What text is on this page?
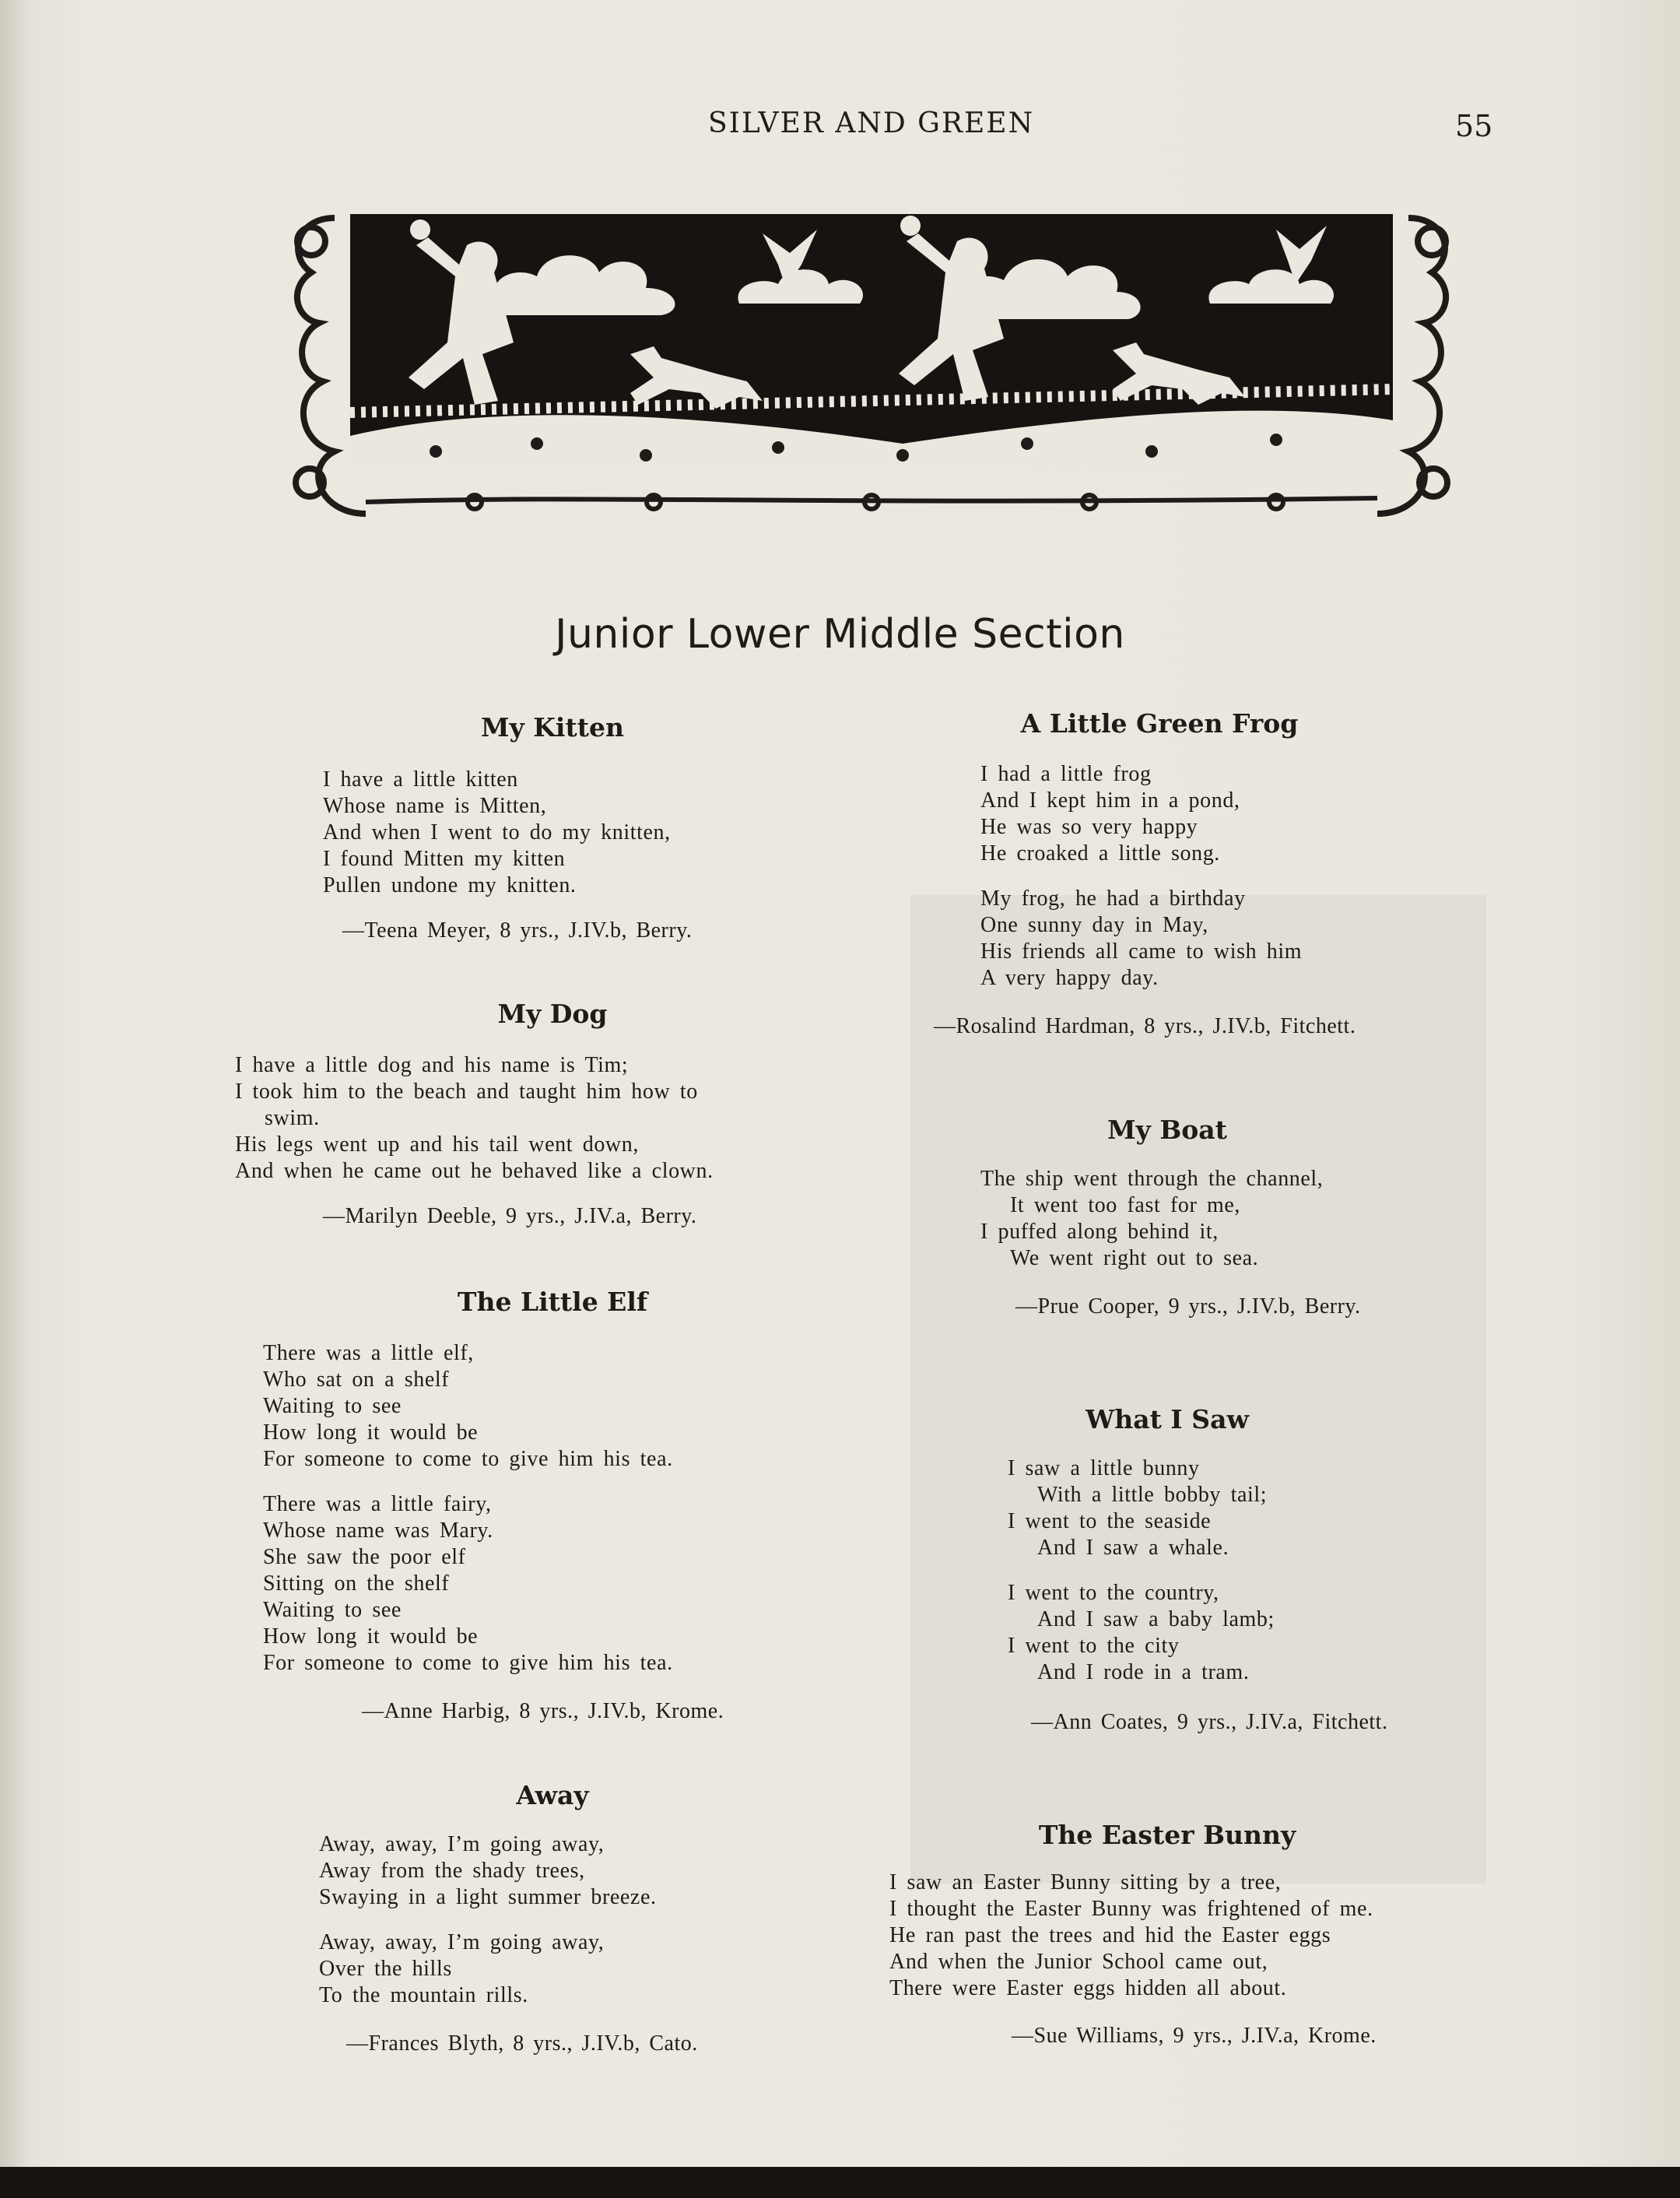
SILVER AND GREEN	55
Junior Lower Middle Section
My Kitten
I have a little kitten
Whose name is Mitten,
And when I went to do my knitten,
I found Mitten my kitten
Pullen undone my knitten.
—Teena Meyer, 8 yrs., J.IV.b, Berry.
My Dog
I have a little dog and his name is Tim;
I took him to the beach and taught him how to
swim.
His legs went up and his tail went down,
And when he came out he behaved like a clown.
—Marilyn Deeble, 9 yrs., J.IV.a, Berry.
The Little Elf
There was a little elf,
Who sat on a shelf
Waiting to see
How long it would be
For someone to come to give him his tea.
There was a little fairy,
Whose name was Mary.
She saw the poor elf
Sitting on the shelf
Waiting to see
How long it would be
For someone to come to give him his tea.
—Anne Harbig, 8 yrs., J.IV.b, Krome.
Away
Away, away, I’m going away,
Away from the shady trees,
Swaying in a light summer breeze.
Away, away, I’m going away,
Over the hills
To the mountain rills.
—Frances Blyth, 8 yrs., J.IV.b, Cato.
A Little Green Frog
I had a little frog
And I kept him in a pond,
He was so very happy
He croaked a little song.
My frog, he had a birthday
One sunny day in May,
His friends all came to wish him
A very happy day.
—Rosalind Hardman, 8 yrs., J.IV.b, Fitchett.
My Boat
The ship went through the channel,
It went too fast for me,
I puffed along behind it,
We went right out to sea.
—Prue Cooper, 9 yrs., J.IV.b, Berry.
What I Saw
I saw a little bunny
With a little bobby tail;
I went to the seaside
And I saw a whale.
I went to the country,
And I saw a baby lamb;
I went to the city
And I rode in a tram.
—Ann Coates, 9 yrs., J.IV.a, Fitchett.
The Easter Bunny
I saw an Easter Bunny sitting by a tree,
I thought the Easter Bunny was frightened of me.
He ran past the trees and hid the Easter eggs
And when the Junior School came out,
There were Easter eggs hidden all about.
—Sue Williams, 9 yrs., J.IV.a, Krome.
